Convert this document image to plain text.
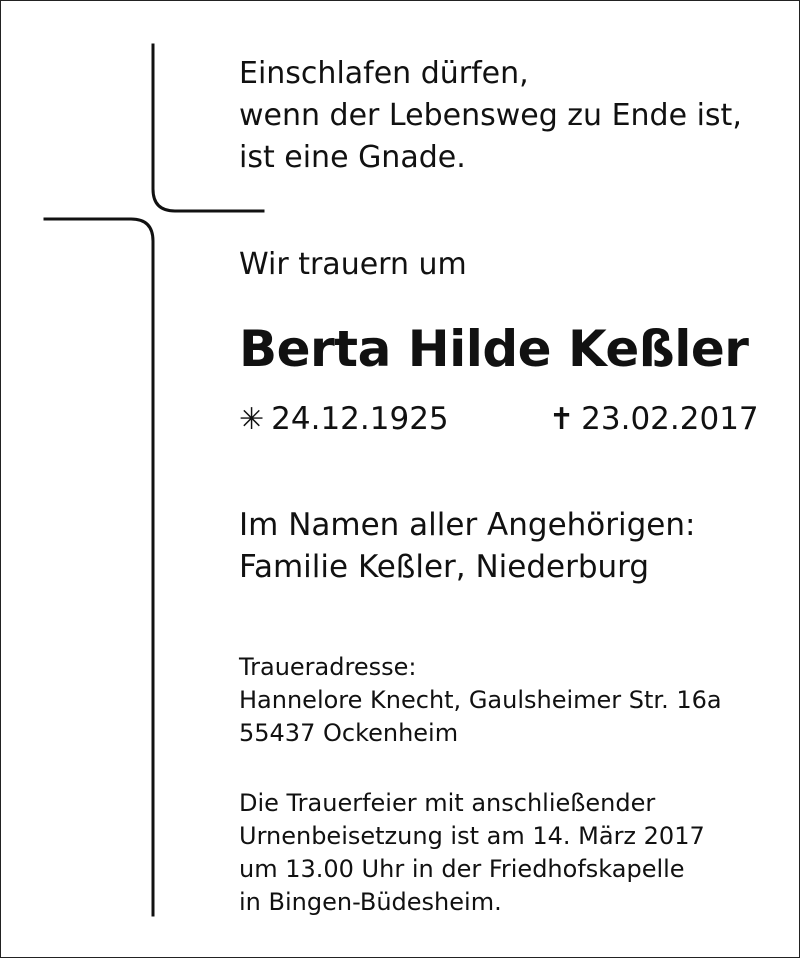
Einschlafen dürfen,
wenn der Lebensweg zu Ende ist,
ist eine Gnade.
Wir trauern um
Berta Hilde Keßler
✳ 24.12.1925	✝ 23.02.2017
Im Namen aller Angehörigen:
Familie Keßler, Niederburg
Traueradresse:
Hannelore Knecht, Gaulsheimer Str. 16a
55437 Ockenheim
Die Trauerfeier mit anschließender
Urnenbeisetzung ist am 14. März 2017
um 13.00 Uhr in der Friedhofskapelle
in Bingen-Büdesheim.
